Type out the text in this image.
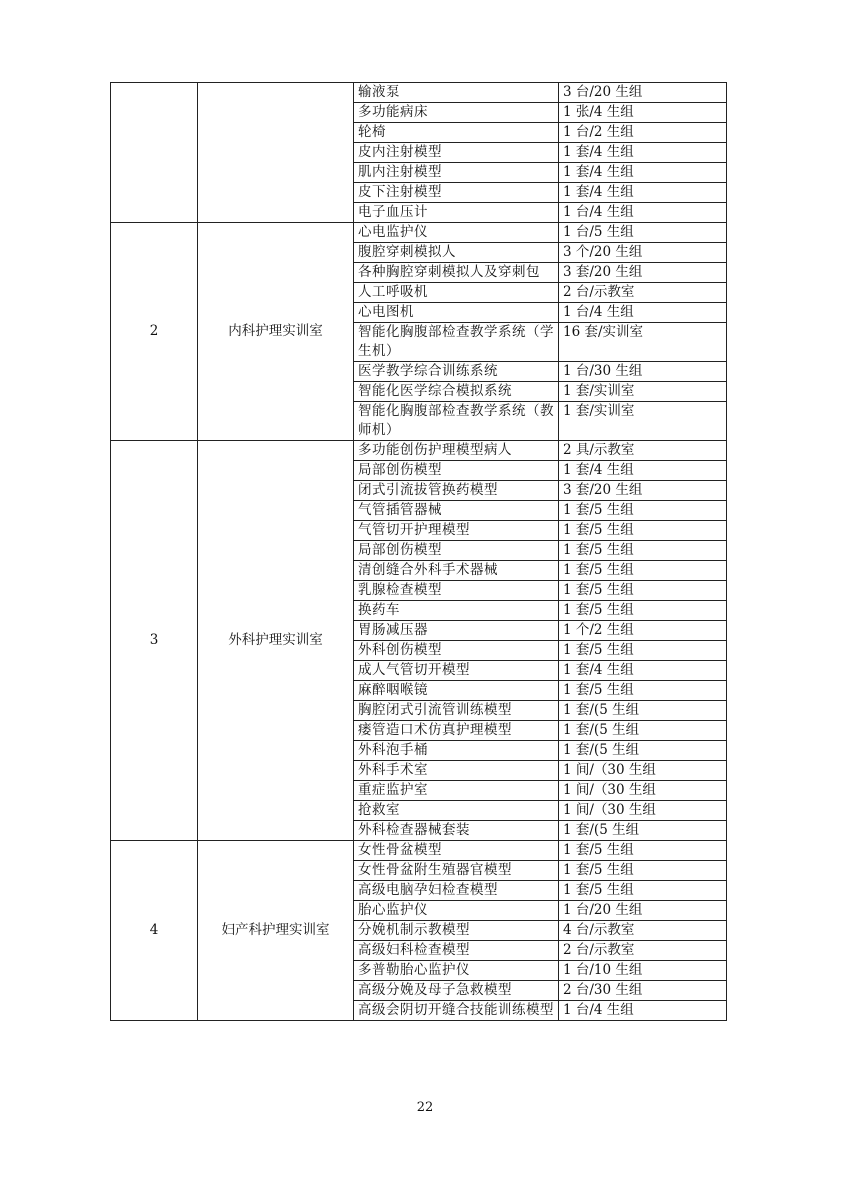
		输液泵	3 台/20 生组
		多功能病床	1 张/4 生组
		轮椅	1 台/2 生组
		皮内注射模型	1 套/4 生组
		肌内注射模型	1 套/4 生组
		皮下注射模型	1 套/4 生组
		电子血压计	1 台/4 生组
2	内科护理实训室	心电监护仪	1 台/5 生组
		腹腔穿刺模拟人	3 个/20 生组
		各种胸腔穿刺模拟人及穿刺包	3 套/20 生组
		人工呼吸机	2 台/示教室
		心电图机	1 台/4 生组
		智能化胸腹部检查教学系统（学生机）	16 套/实训室
		医学教学综合训练系统	1 台/30 生组
		智能化医学综合模拟系统	1 套/实训室
		智能化胸腹部检查教学系统（教师机）	1 套/实训室
3	外科护理实训室	多功能创伤护理模型病人	2 具/示教室
		局部创伤模型	1 套/4 生组
		闭式引流拔管换药模型	3 套/20 生组
		气管插管器械	1 套/5 生组
		气管切开护理模型	1 套/5 生组
		局部创伤模型	1 套/5 生组
		清创缝合外科手术器械	1 套/5 生组
		乳腺检查模型	1 套/5 生组
		换药车	1 套/5 生组
		胃肠减压器	1 个/2 生组
		外科创伤模型	1 套/5 生组
		成人气管切开模型	1 套/4 生组
		麻醉咽喉镜	1 套/5 生组
		胸腔闭式引流管训练模型	1 套/(5 生组
		瘘管造口术仿真护理模型	1 套/(5 生组
		外科泡手桶	1 套/(5 生组
		外科手术室	1 间/（30 生组
		重症监护室	1 间/（30 生组
		抢救室	1 间/（30 生组
		外科检查器械套装	1 套/(5 生组
4	妇产科护理实训室	女性骨盆模型	1 套/5 生组
		女性骨盆附生殖器官模型	1 套/5 生组
		高级电脑孕妇检查模型	1 套/5 生组
		胎心监护仪	1 台/20 生组
		分娩机制示教模型	4 台/示教室
		高级妇科检查模型	2 台/示教室
		多普勒胎心监护仪	1 台/10 生组
		高级分娩及母子急救模型	2 台/30 生组
		高级会阴切开缝合技能训练模型	1 台/4 生组
22
